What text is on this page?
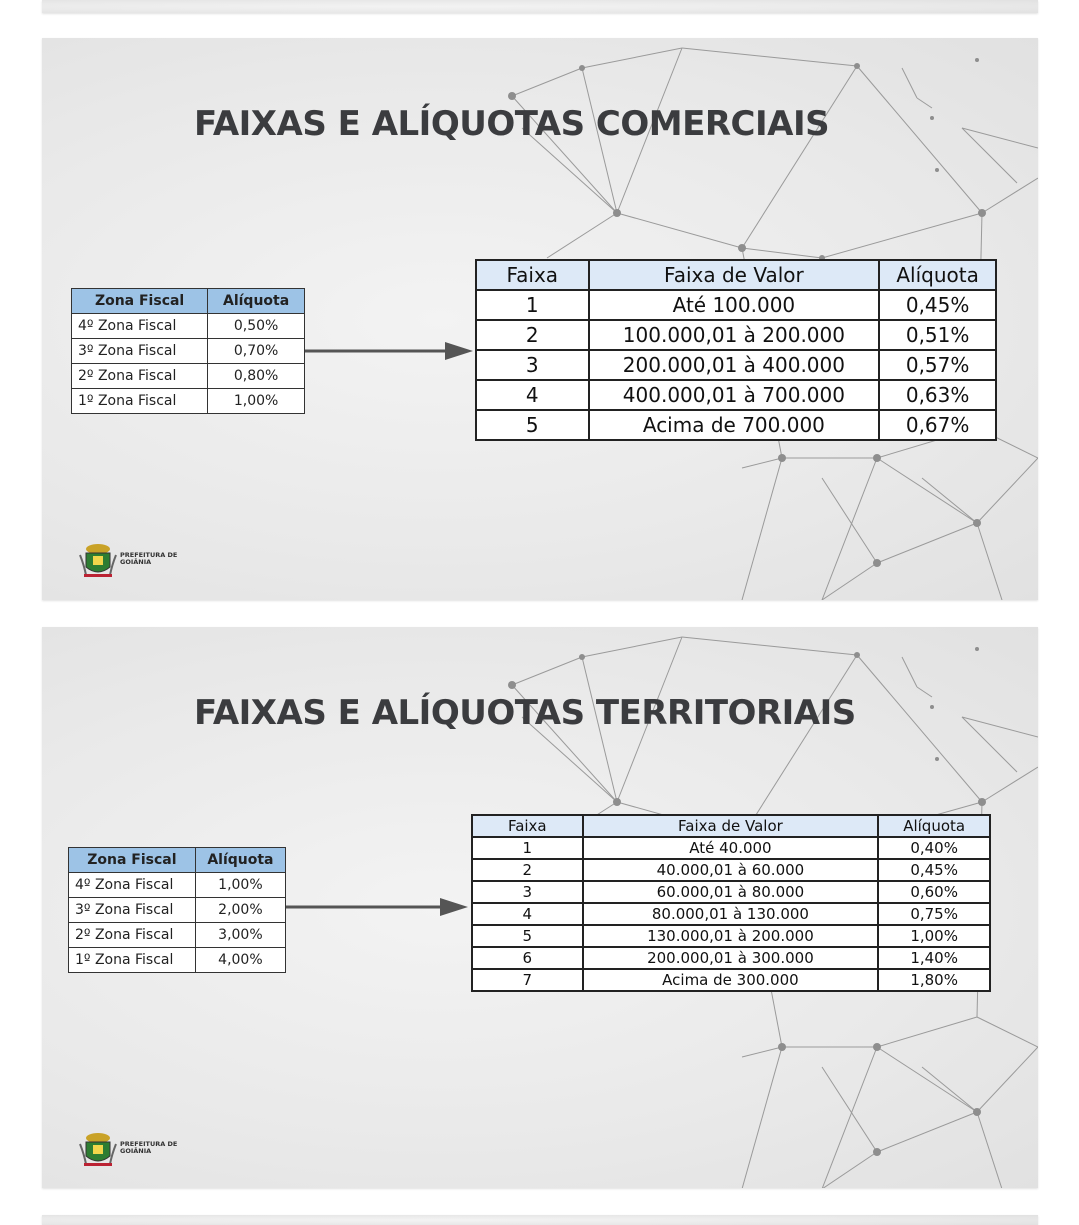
FAIXAS E ALÍQUOTAS COMERCIAIS
Zona Fiscal	Alíquota
4º Zona Fiscal	0,50%
3º Zona Fiscal	0,70%
2º Zona Fiscal	0,80%
1º Zona Fiscal	1,00%
Faixa	Faixa de Valor	Alíquota
1	Até 100.000	0,45%
2	100.000,01 à 200.000	0,51%
3	200.000,01 à 400.000	0,57%
4	400.000,01 à 700.000	0,63%
5	Acima de 700.000	0,67%
PREFEITURA DE GOIÂNIA
FAIXAS E ALÍQUOTAS TERRITORIAIS
Zona Fiscal	Alíquota
4º Zona Fiscal	1,00%
3º Zona Fiscal	2,00%
2º Zona Fiscal	3,00%
1º Zona Fiscal	4,00%
Faixa	Faixa de Valor	Alíquota
1	Até 40.000	0,40%
2	40.000,01 à 60.000	0,45%
3	60.000,01 à 80.000	0,60%
4	80.000,01 à 130.000	0,75%
5	130.000,01 à 200.000	1,00%
6	200.000,01 à 300.000	1,40%
7	Acima de 300.000	1,80%
PREFEITURA DE GOIÂNIA
